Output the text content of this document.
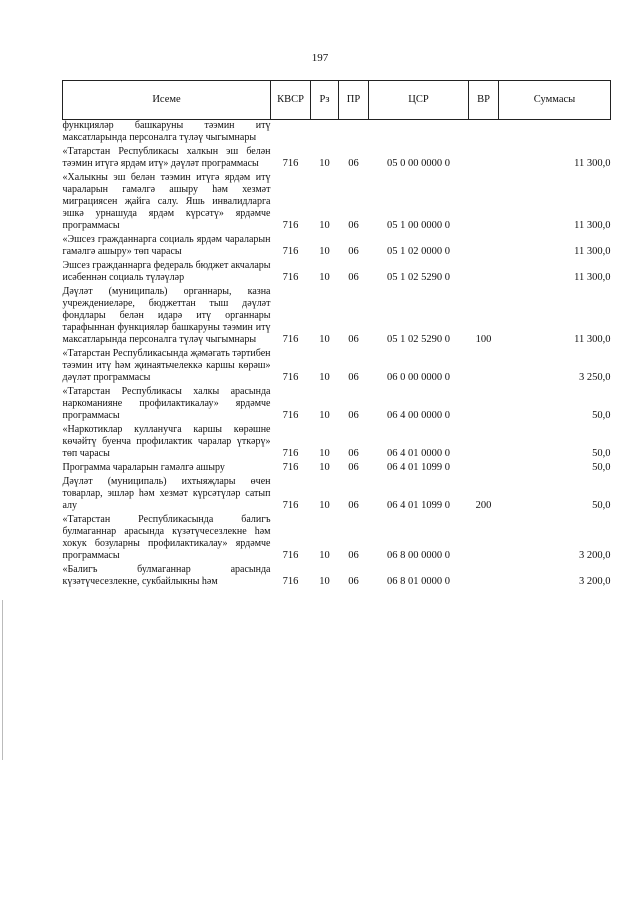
197
Исеме	КВСР	Рз	ПР	ЦСР	ВР	Суммасы
функцияләр башкаруны тәэмин итү максатларында персоналга түләү чыгымнары						
«Татарстан Республикасы халкын эш белән тәэмин итүгә ярдәм итү» дәүләт программасы	716	10	06	05 0 00 0000 0		11 300,0
«Халыкны эш белән тәэмин итүгә ярдәм итү чараларын гамәлгә ашыру һәм хезмәт миграциясен җайга салу. Яшь инвалидларга эшкә урнашуда ярдәм күрсәтү» ярдәмче программасы	716	10	06	05 1 00 0000 0		11 300,0
«Эшсез гражданнарга социаль ярдәм чараларын гамәлгә ашыру» төп чарасы	716	10	06	05 1 02 0000 0		11 300,0
Эшсез гражданнарга федераль бюджет акчалары исәбеннән социаль түләүләр	716	10	06	05 1 02 5290 0		11 300,0
Дәүләт (муниципаль) органнары, казна учреждениеләре, бюджеттан тыш дәүләт фондлары белән идарә итү органнары тарафыннан функцияләр башкаруны тәэмин итү максатларында персоналга түләү чыгымнары	716	10	06	05 1 02 5290 0	100	11 300,0
«Татарстан Республикасында җәмәгать тәртибен тәэмин итү һәм җинаятьчелеккә каршы көрәш» дәүләт программасы	716	10	06	06 0 00 0000 0		3 250,0
«Татарстан Республикасы халкы арасында наркоманияне профилактикалау» ярдәмче программасы	716	10	06	06 4 00 0000 0		50,0
«Наркотиклар кулланучга каршы көрәшне көчәйтү буенча профилактик чаралар үткәрү» төп чарасы	716	10	06	06 4 01 0000 0		50,0
Программа чараларын гамәлгә ашыру	716	10	06	06 4 01 1099 0		50,0
Дәүләт (муниципаль) ихтыяҗлары өчен товарлар, эшләр һәм хезмәт күрсәтүләр сатып алу	716	10	06	06 4 01 1099 0	200	50,0
«Татарстан Республикасында балигъ булмаганнар арасында күзәтүчесезлекне һәм хокук бозуларны профилактикалау» ярдәмче программасы	716	10	06	06 8 00 0000 0		3 200,0
«Балигъ булмаганнар арасында күзәтүчесезлекне, сукбайлыкны һәм	716	10	06	06 8 01 0000 0		3 200,0
